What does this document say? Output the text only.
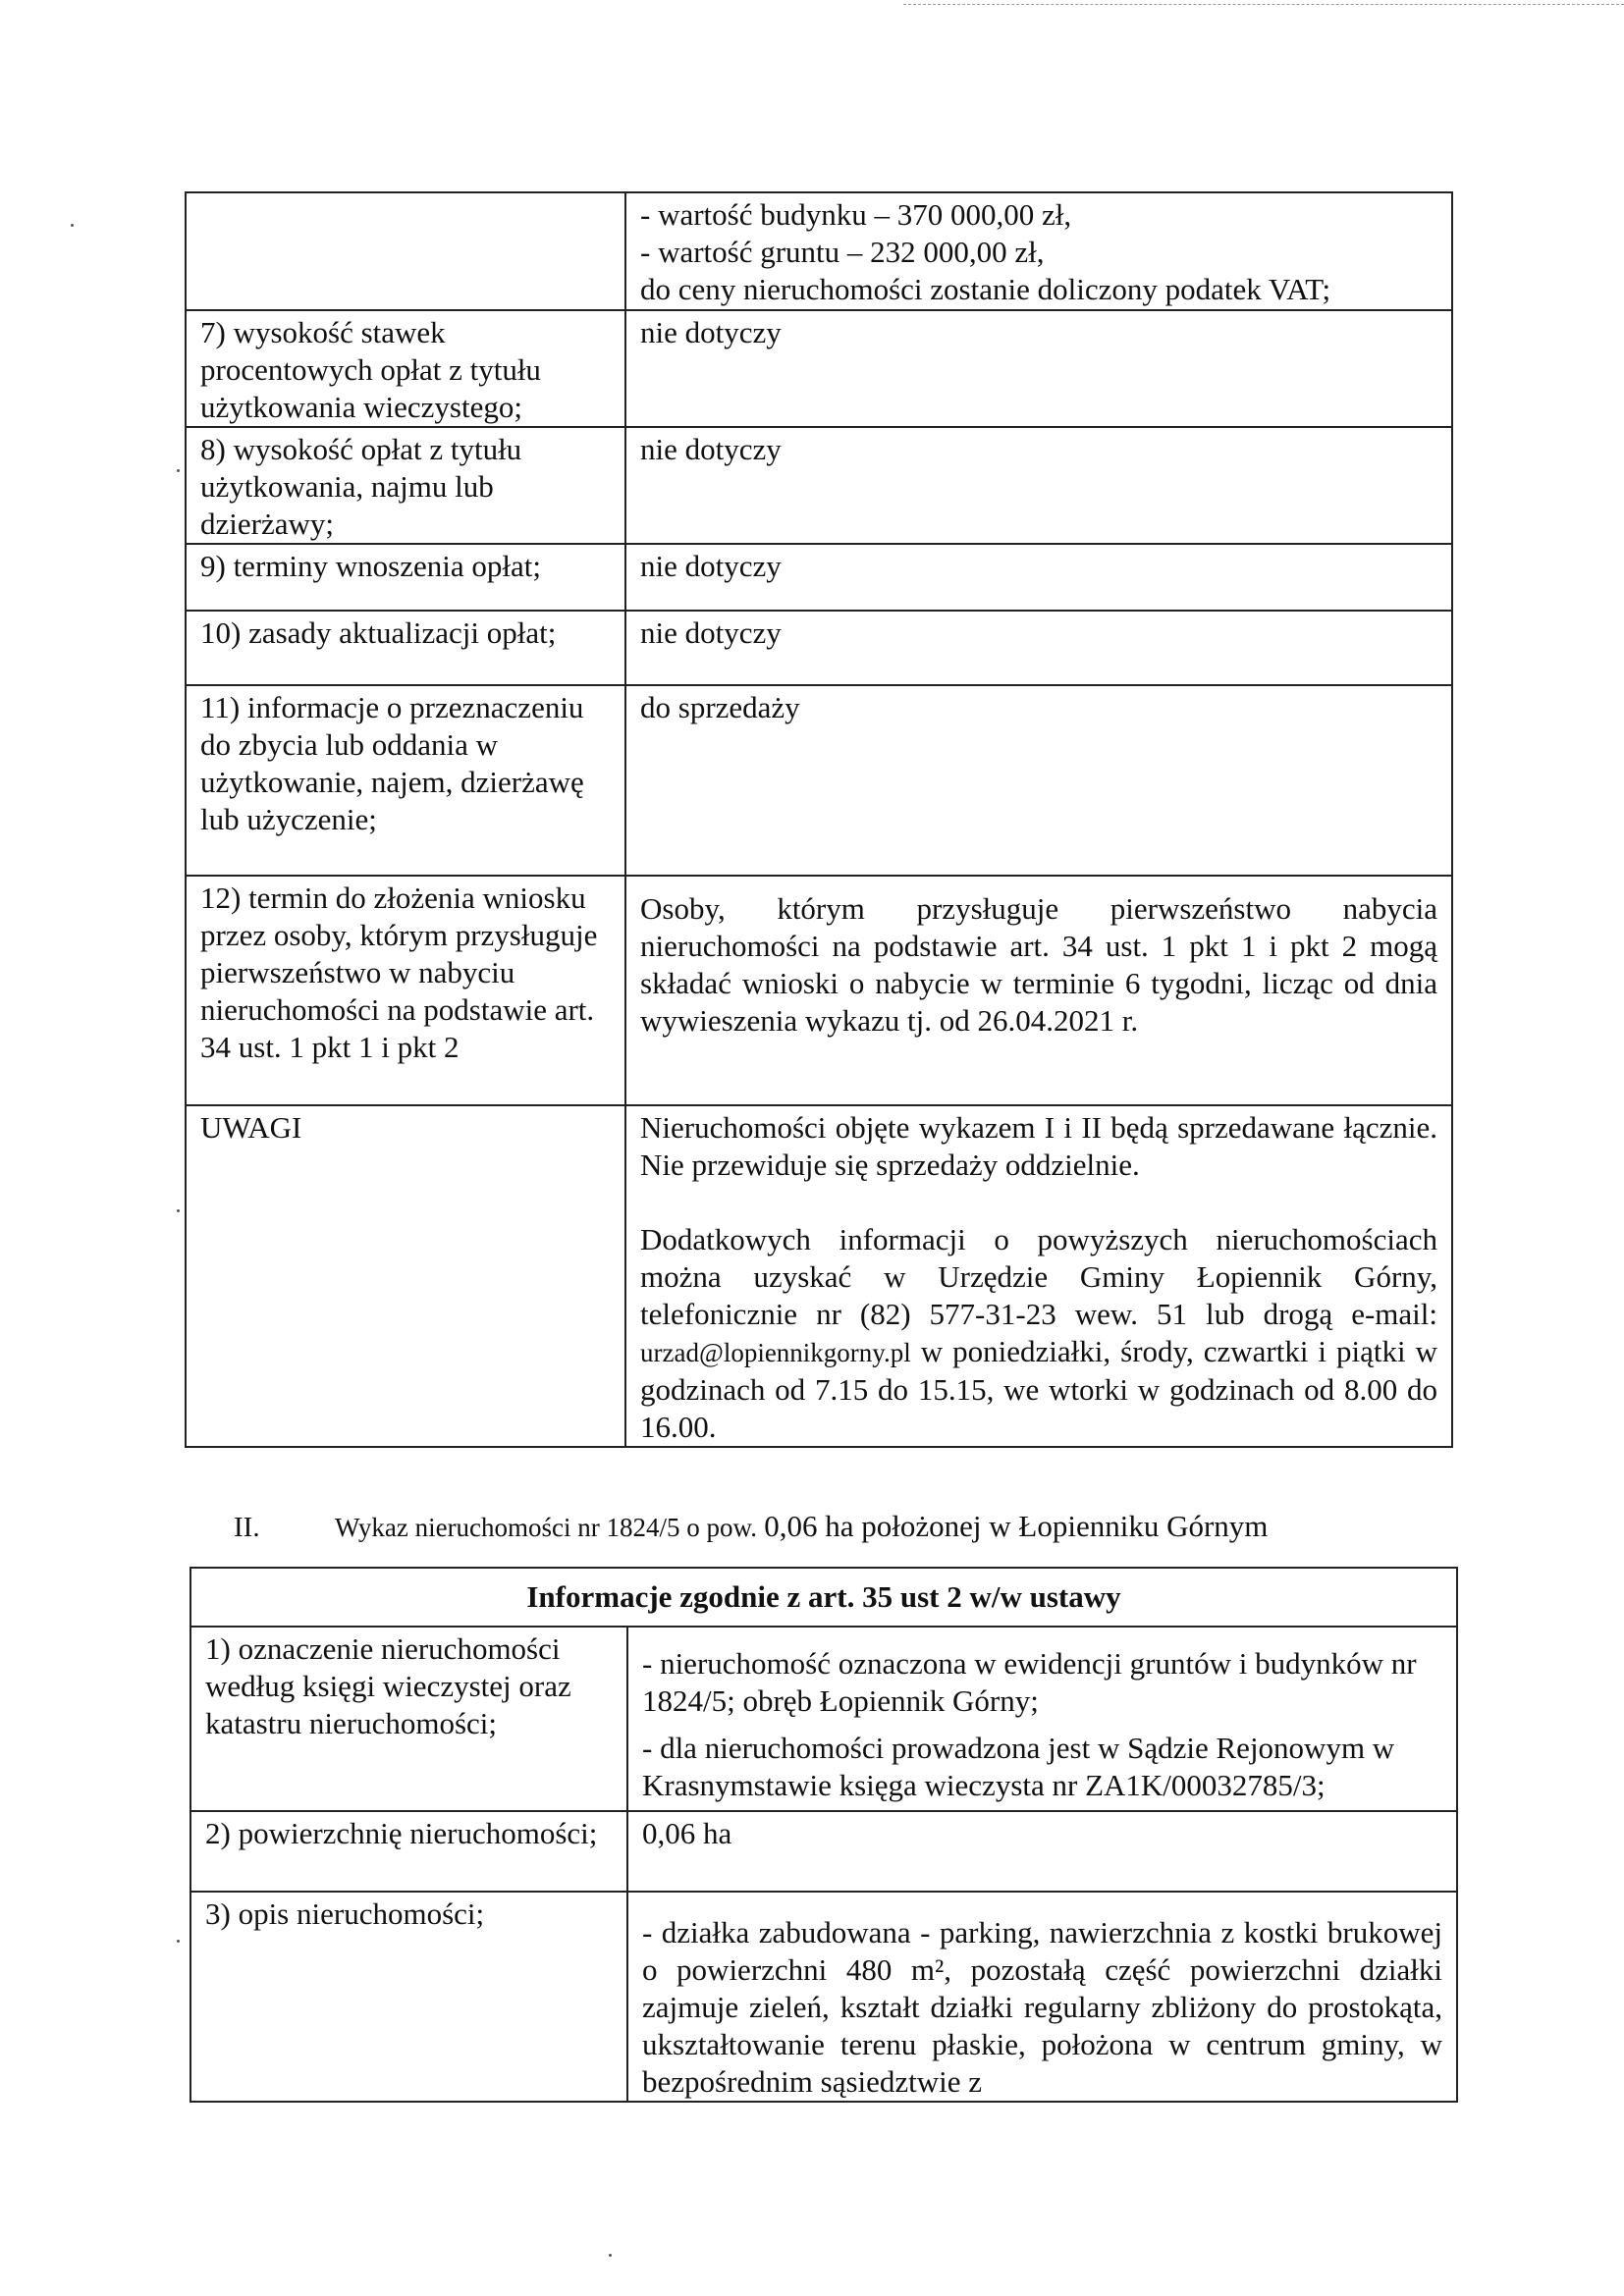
	- wartość budynku – 370 000,00 zł,
- wartość gruntu – 232 000,00 zł,
do ceny nieruchomości zostanie doliczony podatek VAT;

7) wysokość stawek procentowych opłat z tytułu użytkowania wieczystego;	nie dotyczy
8) wysokość opłat z tytułu użytkowania, najmu lub dzierżawy;	nie dotyczy
9) terminy wnoszenia opłat;	nie dotyczy
10) zasady aktualizacji opłat;	nie dotyczy
11) informacje o przeznaczeniu do zbycia lub oddania w użytkowanie, najem, dzierżawę lub użyczenie;	do sprzedaży
12) termin do złożenia wniosku przez osoby, którym przysługuje pierwszeństwo w nabyciu nieruchomości na podstawie art. 34 ust. 1 pkt 1 i pkt 2	Osoby, którym przysługuje pierwszeństwo nabycia nieruchomości na podstawie art. 34 ust. 1 pkt 1 i pkt 2 mogą składać wnioski o nabycie w terminie 6 tygodni, licząc od dnia wywieszenia wykazu tj. od 26.04.2021 r.
UWAGI	Nieruchomości objęte wykazem I i II będą sprzedawane łącznie. Nie przewiduje się sprzedaży oddzielnie.

Dodatkowych informacji o powyższych nieruchomościach można uzyskać w Urzędzie Gminy Łopiennik Górny, telefonicznie nr (82) 577-31-23 wew. 51 lub drogą e-mail: urzad@lopiennikgorny.pl w poniedziałki, środy, czwartki i piątki w godzinach od 7.15 do 15.15, we wtorki w godzinach od 8.00 do 16.00.

II.	Wykaz nieruchomości nr 1824/5 o pow. 0,06 ha położonej w Łopienniku Górnym
Informacje zgodnie z art. 35 ust 2 w/w ustawy	
1) oznaczenie nieruchomości według księgi wieczystej oraz katastru nieruchomości;	- nieruchomość oznaczona w ewidencji gruntów i budynków nr 1824/5; obręb Łopiennik Górny;

- dla nieruchomości prowadzona jest w Sądzie Rejonowym w Krasnymstawie księga wieczysta nr ZA1K/00032785/3;

2) powierzchnię nieruchomości;	0,06 ha
3) opis nieruchomości;	- działka zabudowana - parking, nawierzchnia z kostki brukowej o powierzchni 480 m², pozostałą część powierzchni działki zajmuje zieleń, kształt działki regularny zbliżony do prostokąta, ukształtowanie terenu płaskie, położona w centrum gminy, w bezpośrednim sąsiedztwie z
